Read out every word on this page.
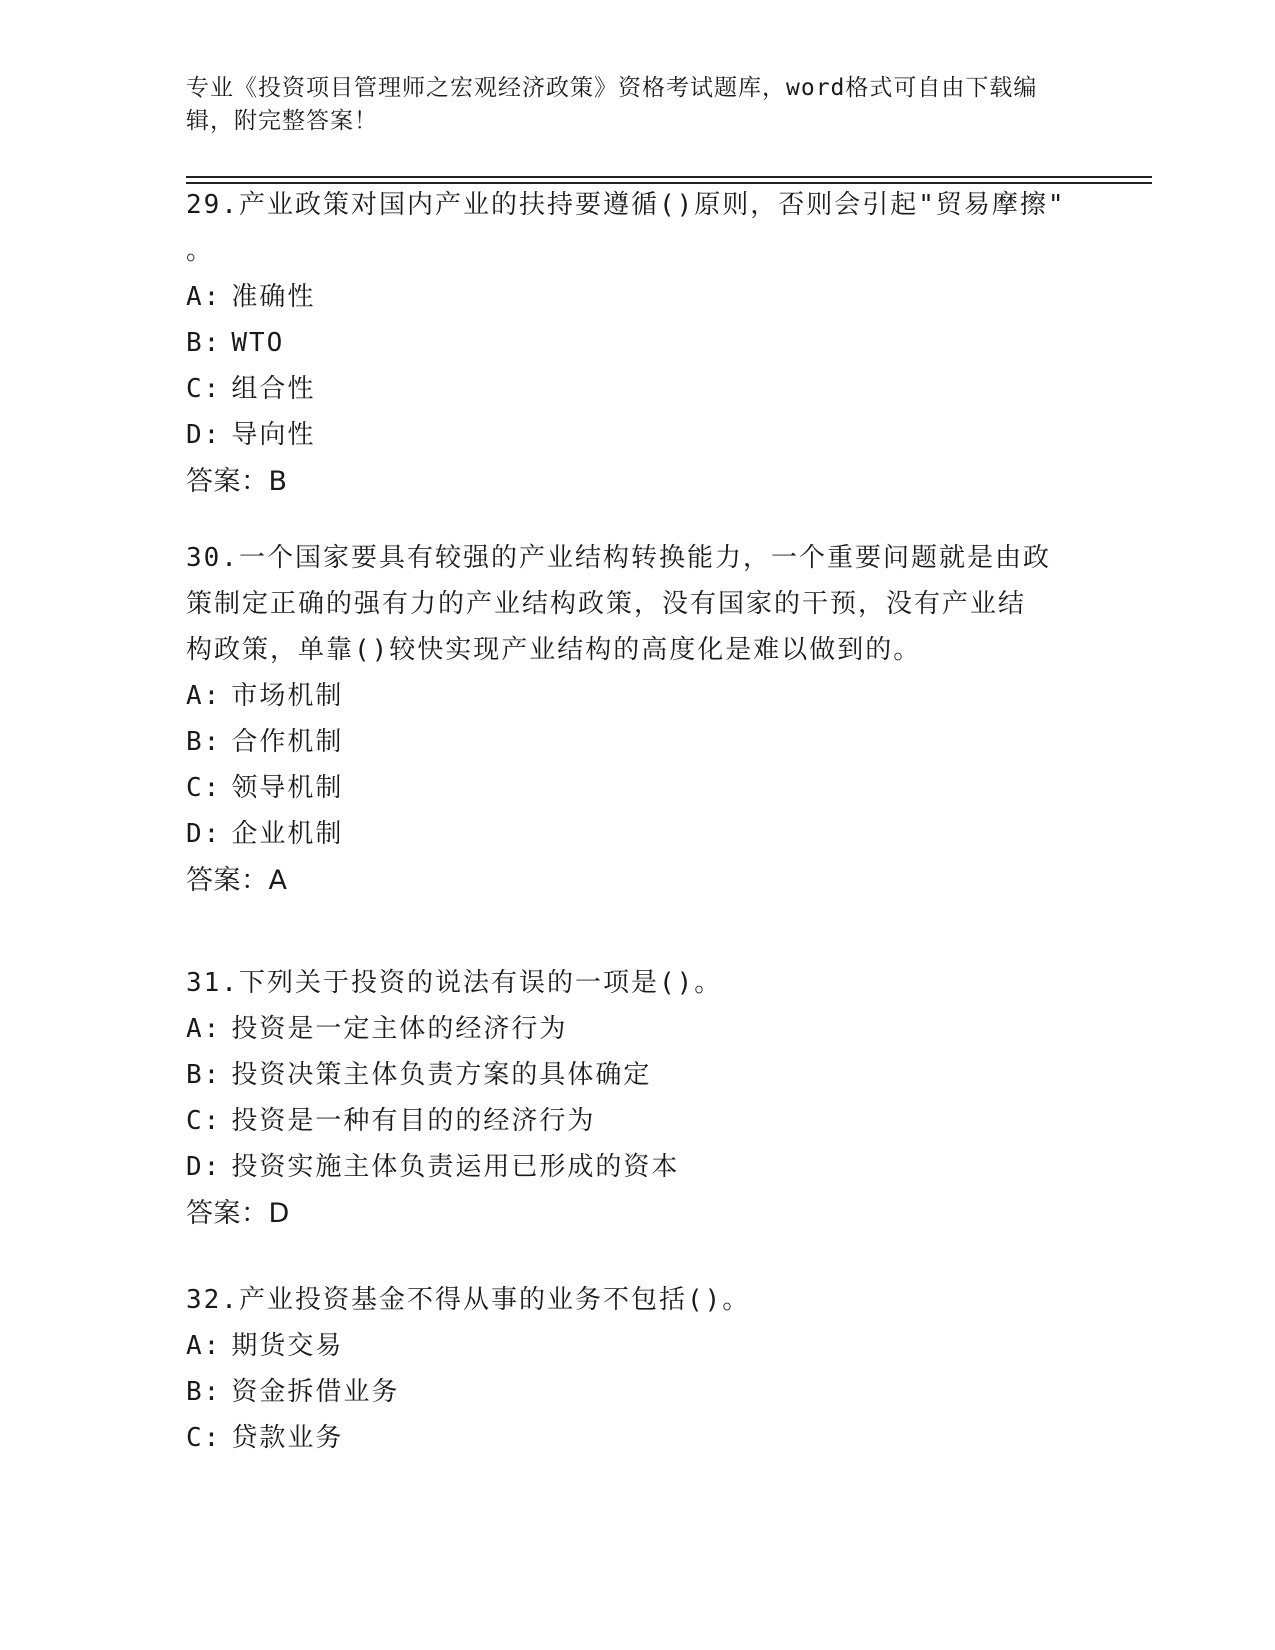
专业《投资项目管理师之宏观经济政策》资格考试题库，word格式可自由下载编
辑，附完整答案！
29.产业政策对国内产业的扶持要遵循()原则，否则会引起"贸易摩擦"
。
A: 准确性
B: WTO
C: 组合性
D: 导向性
答案：B
30.一个国家要具有较强的产业结构转换能力，一个重要问题就是由政
策制定正确的强有力的产业结构政策，没有国家的干预，没有产业结
构政策，单靠()较快实现产业结构的高度化是难以做到的。
A: 市场机制
B: 合作机制
C: 领导机制
D: 企业机制
答案：A
31.下列关于投资的说法有误的一项是()。
A: 投资是一定主体的经济行为
B: 投资决策主体负责方案的具体确定
C: 投资是一种有目的的经济行为
D: 投资实施主体负责运用已形成的资本
答案：D
32.产业投资基金不得从事的业务不包括()。
A: 期货交易
B: 资金拆借业务
C: 贷款业务
